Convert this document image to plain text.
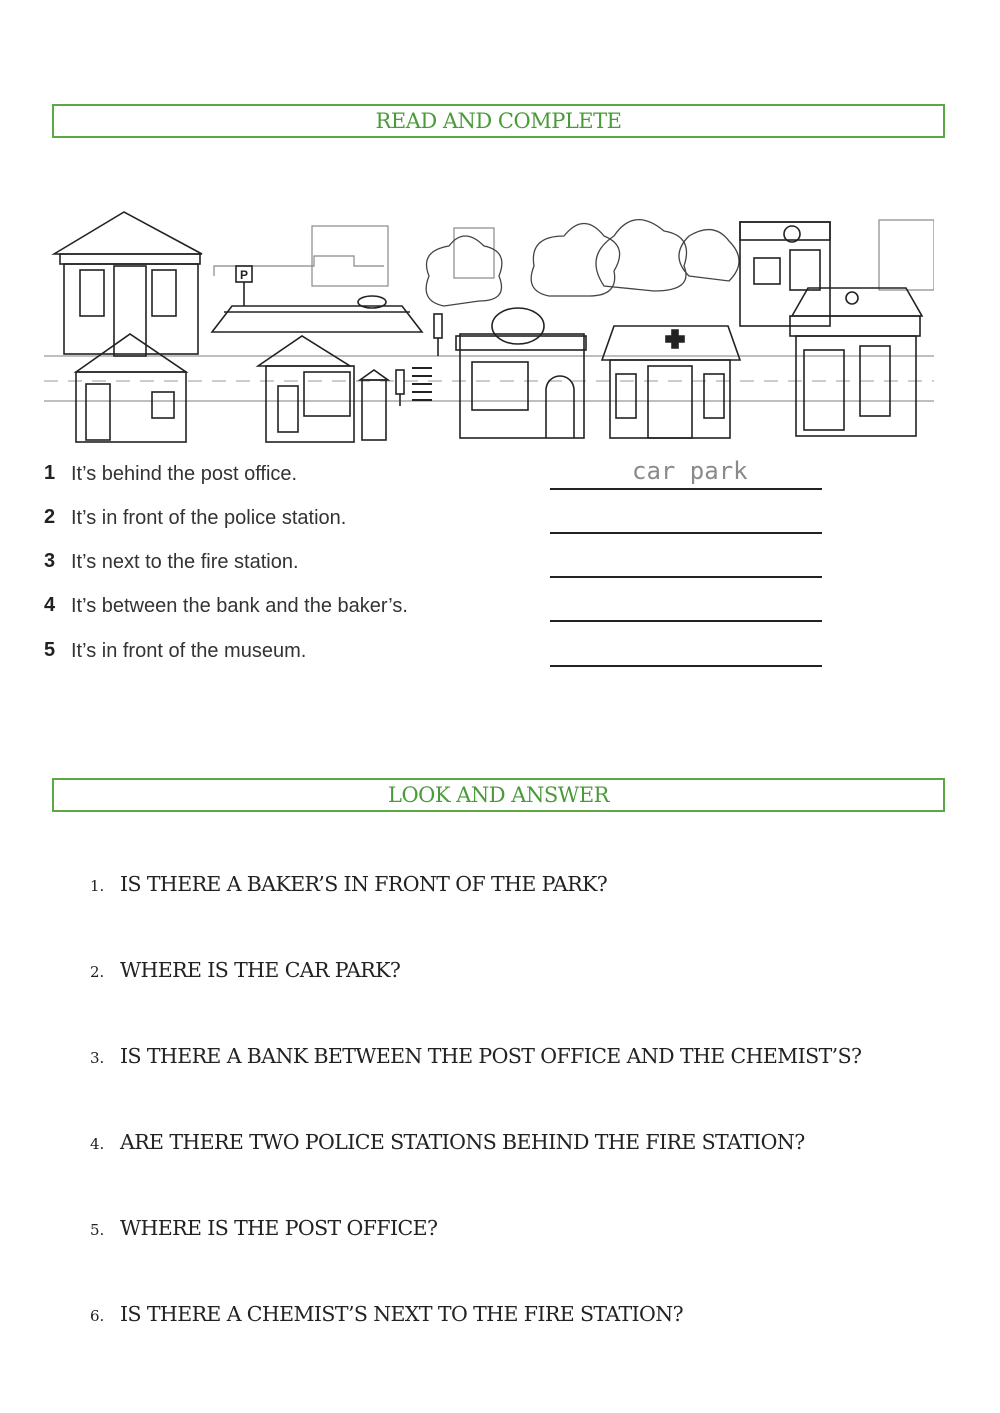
READ AND COMPLETE
P
1 It’s behind the post office.	car park
2 It’s in front of the police station.
3 It’s next to the fire station.
4 It’s between the bank and the baker’s.
5 It’s in front of the museum.
LOOK AND ANSWER
1. IS THERE A BAKER’S IN FRONT OF THE PARK?
2. WHERE IS THE CAR PARK?
3. IS THERE A BANK BETWEEN THE POST OFFICE AND THE CHEMIST’S?
4. ARE THERE TWO POLICE STATIONS BEHIND THE FIRE STATION?
5. WHERE IS THE POST OFFICE?
6. IS THERE A CHEMIST’S NEXT TO THE FIRE STATION?
